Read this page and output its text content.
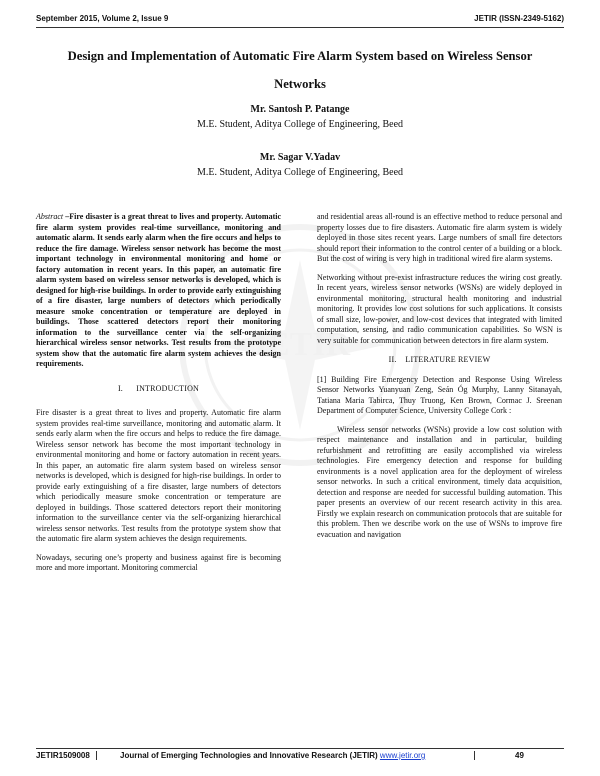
September 2015, Volume 2, Issue 9	JETIR (ISSN-2349-5162)
JETIR
Design and Implementation of Automatic Fire Alarm System based on Wireless Sensor
Networks
Mr. Santosh P. Patange
M.E. Student, Aditya College of Engineering, Beed
Mr. Sagar V.Yadav
M.E. Student, Aditya College of Engineering, Beed

Abstract –Fire disaster is a great threat to lives and property. Automatic fire alarm system provides real-time surveillance, monitoring and automatic alarm. It sends early alarm when the fire occurs and helps to reduce the fire damage. Wireless sensor network has become the most important technology in environmental monitoring and home or factory automation in recent years. In this paper, an automatic fire alarm system based on wireless sensor networks is developed, which is designed for high-rise buildings. In order to provide early extinguishing of a fire disaster, large numbers of detectors which periodically measure smoke concentration or temperature are deployed in buildings. Those scattered detectors report their monitoring information to the surveillance center via the self-organizing hierarchical wireless sensor networks. Test results from the prototype system show that the automatic fire alarm system achieves the design requirements.

I.      INTRODUCTION

Fire disaster is a great threat to lives and property. Automatic fire alarm system provides real-time surveillance, monitoring and automatic alarm. It sends early alarm when the fire occurs and helps to reduce the fire damage. Wireless sensor network has become the most important technology in environmental monitoring and home or factory automation in recent years. In this paper, an automatic fire alarm system based on wireless sensor networks is developed, which is designed for high-rise buildings. In order to provide early extinguishing of a fire disaster, large numbers of detectors which periodically measure smoke concentration or temperature are deployed in buildings. Those scattered detectors report their monitoring information to the surveillance center via the self-organizing hierarchical wireless sensor networks. Test results from the prototype system show that the automatic fire alarm system achieves the design requirements.

Nowadays, securing one’s property and business against fire is becoming more and more important. Monitoring commercial

and residential areas all-round is an effective method to reduce personal and property losses due to fire disasters. Automatic fire alarm system is widely deployed in those sites recent years. Large numbers of small fire detectors should report their information to the control center of a building or a block. But the cost of wiring is very high in traditional wired fire alarm systems.

Networking without pre-exist infrastructure reduces the wiring cost greatly. In recent years, wireless sensor networks (WSNs) are widely deployed in environmental monitoring, structural health monitoring and industrial monitoring. It provides low cost solutions for such applications. It consists of small size, low-power, and low-cost devices that integrated with limited computation, sensing, and radio communication capabilities. So WSN is very suitable for communication between detectors in fire alarm system.

II.    LITERATURE REVIEW

[1] Building Fire Emergency Detection and Response Using Wireless Sensor Networks Yuanyuan Zeng, Seán Óg Murphy, Lanny Sitanayah, Tatiana Maria Tabirca, Thuy Truong, Ken Brown, Cormac J. Sreenan Department of Computer Science, University College Cork :

Wireless sensor networks (WSNs) provide a low cost solution with respect maintenance and installation and in particular, building refurbishment and retrofitting are easily accomplished via wireless technologies. Fire emergency detection and response for building environments is a novel application area for the deployment of wireless sensor networks. In such a critical environment, timely data acquisition, detection and response are needed for successful building automation. This paper presents an overview of our recent research activity in this area. Firstly we explain research on communication protocols that are suitable for this problem. Then we describe work on the use of WSNs to improve fire evacuation and navigation

JETIR1509008	Journal of Emerging Technologies and Innovative Research (JETIR) www.jetir.org	49
